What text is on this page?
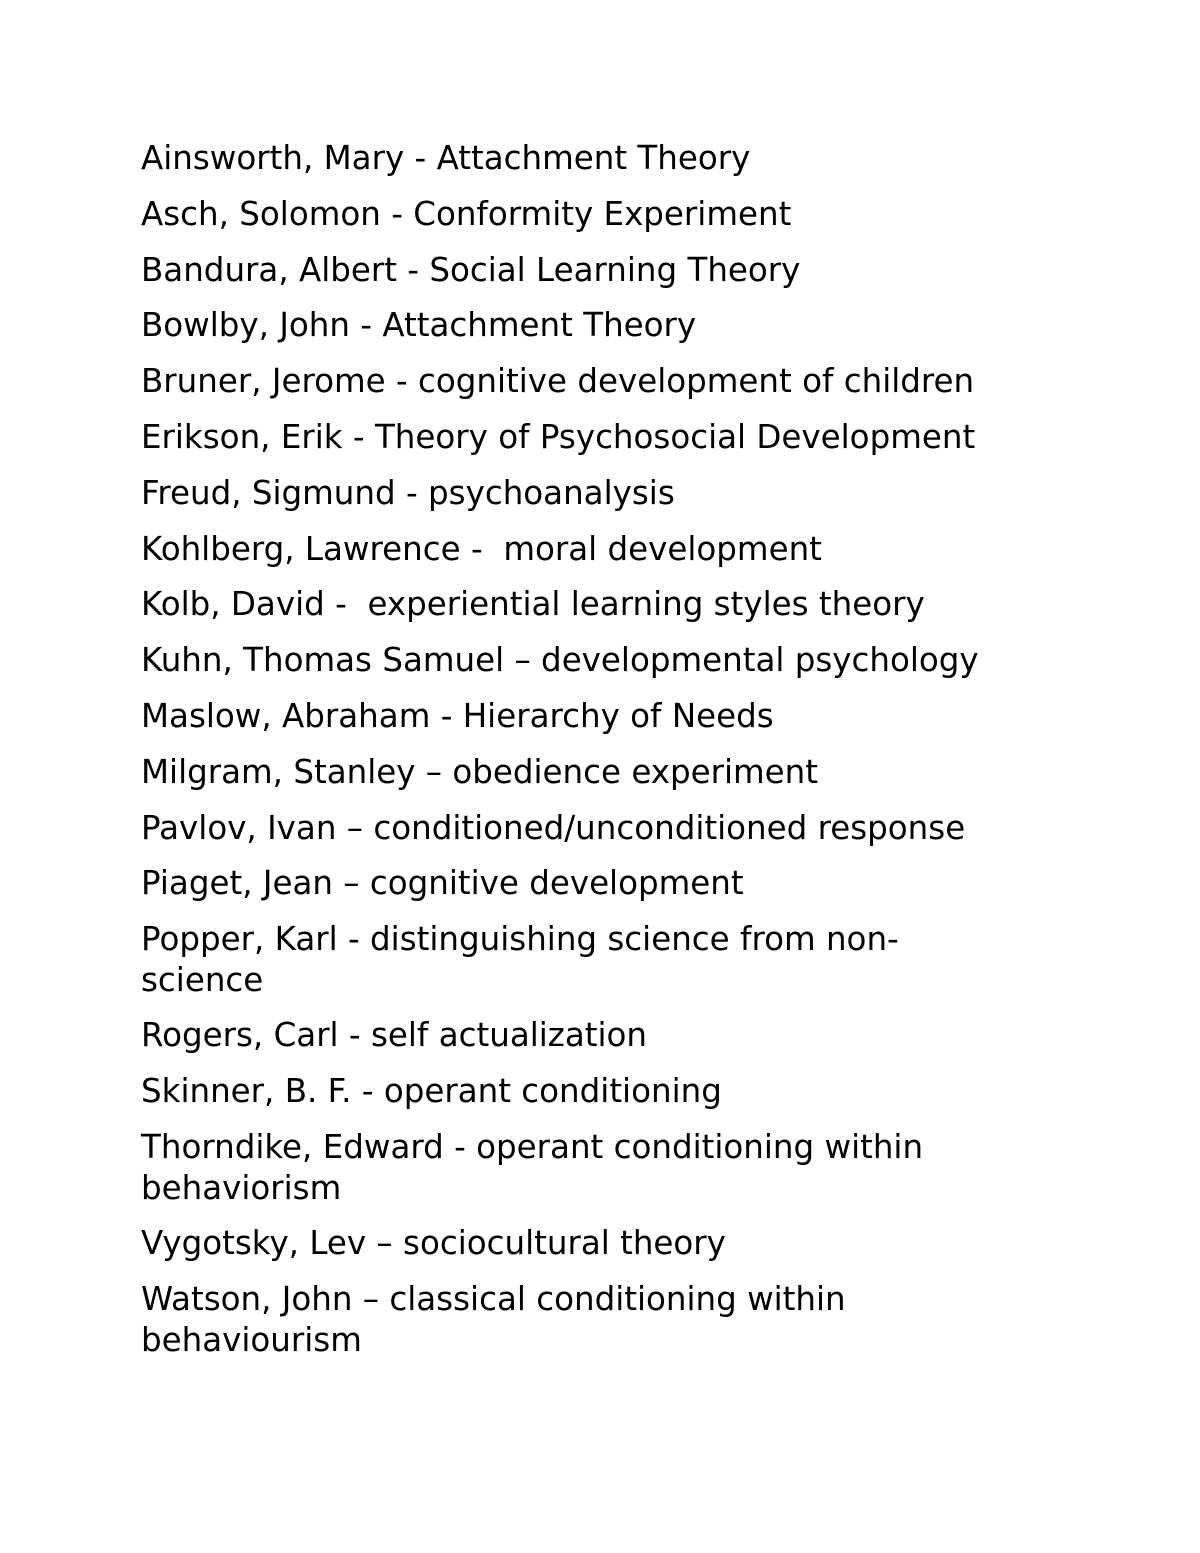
Ainsworth, Mary - Attachment Theory
Asch, Solomon - Conformity Experiment
Bandura, Albert - Social Learning Theory
Bowlby, John - Attachment Theory
Bruner, Jerome - cognitive development of children
Erikson, Erik - Theory of Psychosocial Development
Freud, Sigmund - psychoanalysis
Kohlberg, Lawrence -  moral development
Kolb, David -  experiential learning styles theory
Kuhn, Thomas Samuel – developmental psychology
Maslow, Abraham - Hierarchy of Needs
Milgram, Stanley – obedience experiment
Pavlov, Ivan – conditioned/unconditioned response
Piaget, Jean – cognitive development
Popper, Karl - distinguishing science from non-
science
Rogers, Carl - self actualization
Skinner, B. F. - operant conditioning
Thorndike, Edward - operant conditioning within
behaviorism
Vygotsky, Lev – sociocultural theory
Watson, John – classical conditioning within
behaviourism
